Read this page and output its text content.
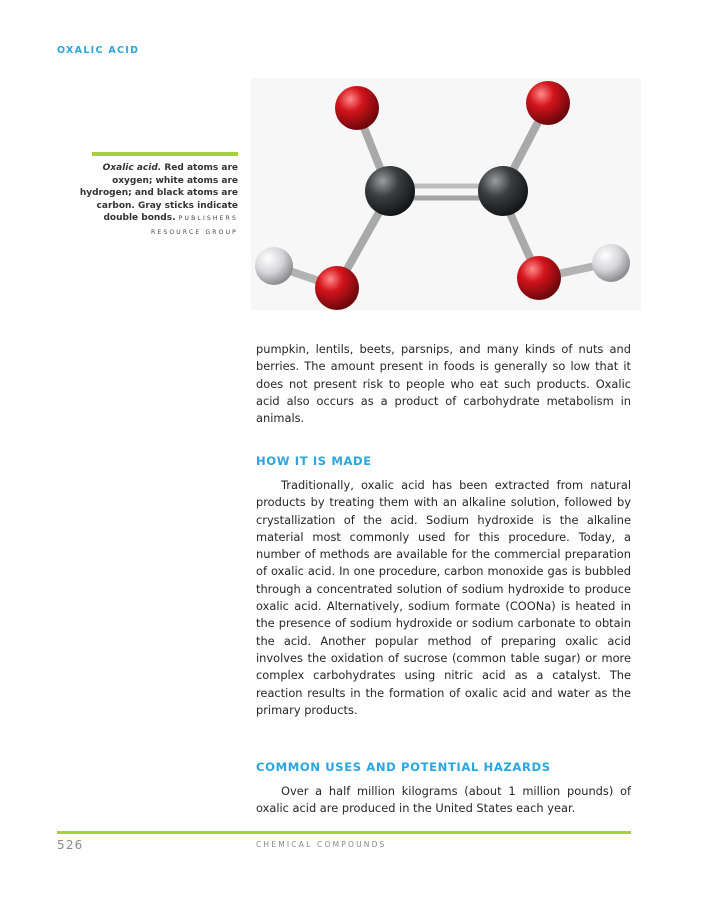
OXALIC ACID
Oxalic acid. Red atoms are oxygen; white atoms are hydrogen; and black atoms are carbon. Gray sticks indicate double bonds. PUBLISHERS RESOURCE GROUP
pumpkin, lentils, beets, parsnips, and many kinds of nuts and berries. The amount present in foods is generally so low that it does not present risk to people who eat such products. Oxalic acid also occurs as a product of carbohydrate metabolism in animals.
HOW IT IS MADE
Traditionally, oxalic acid has been extracted from natural products by treating them with an alkaline solution, followed by crystallization of the acid. Sodium hydroxide is the alkaline material most commonly used for this procedure. Today, a number of methods are available for the commercial preparation of oxalic acid. In one procedure, carbon monoxide gas is bubbled through a concentrated solution of sodium hydroxide to produce oxalic acid. Alternatively, sodium formate (COONa) is heated in the presence of sodium hydroxide or sodium carbonate to obtain the acid. Another popular method of preparing oxalic acid involves the oxidation of sucrose (common table sugar) or more complex carbohydrates using nitric acid as a catalyst. The reaction results in the formation of oxalic acid and water as the primary products.
COMMON USES AND POTENTIAL HAZARDS
Over a half million kilograms (about 1 million pounds) of oxalic acid are produced in the United States each year.
526	CHEMICAL COMPOUNDS
